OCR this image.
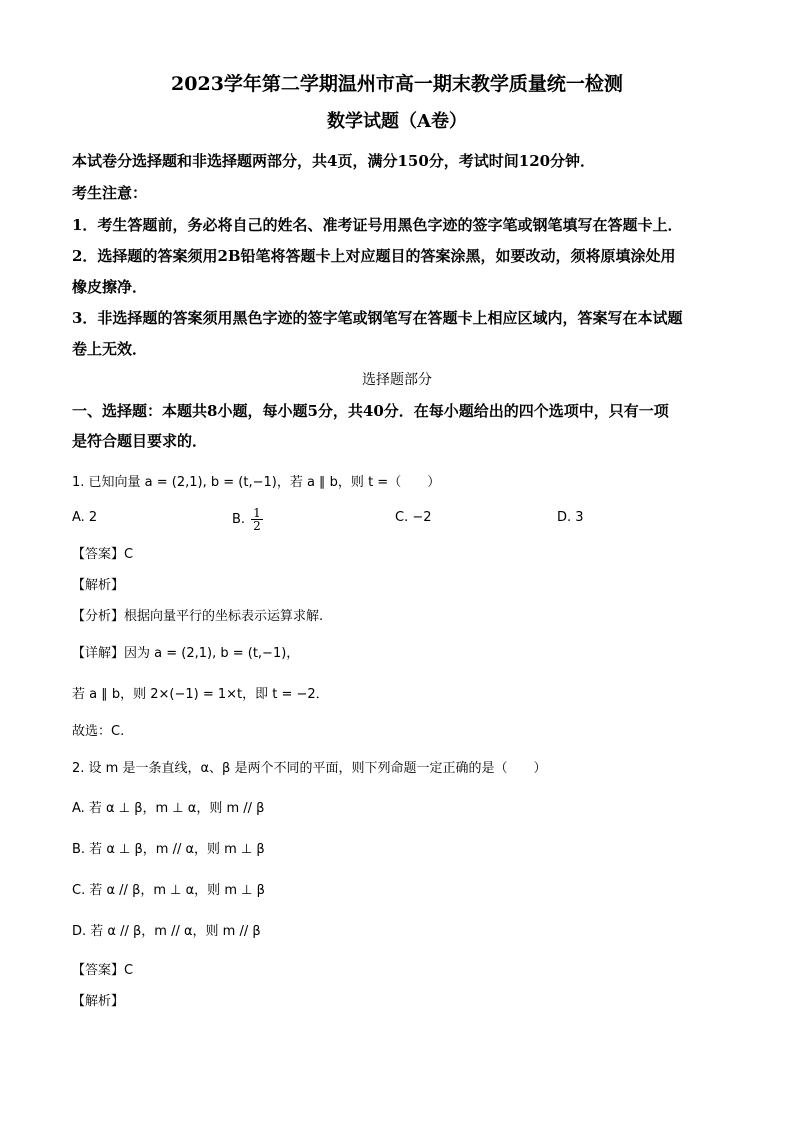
2023学年第二学期温州市高一期末教学质量统一检测
数学试题（A卷）
本试卷分选择题和非选择题两部分，共4页，满分150分，考试时间120分钟．
考生注意：
1．考生答题前，务必将自己的姓名、准考证号用黑色字迹的签字笔或钢笔填写在答题卡上．
2．选择题的答案须用2B铅笔将答题卡上对应题目的答案涂黑，如要改动，须将原填涂处用
橡皮擦净．
3．非选择题的答案须用黑色字迹的签字笔或钢笔写在答题卡上相应区域内，答案写在本试题
卷上无效．
选择题部分
一、选择题：本题共8小题，每小题5分，共40分．在每小题给出的四个选项中，只有一项
是符合题目要求的．
1. 已知向量 a = (2,1), b = (t,−1)，若 a ∥ b，则 t =（　　）
A. 2	B. $\frac{1}{2}$	C. −2	D. 3
【答案】C
【解析】
【分析】根据向量平行的坐标表示运算求解.
【详解】因为 a = (2,1), b = (t,−1)，
若 a ∥ b，则 2×(−1) = 1×t，即 t = −2．
故选：C.
2. 设 m 是一条直线，α、β 是两个不同的平面，则下列命题一定正确的是（　　）
A. 若 α ⊥ β，m ⊥ α，则 m // β
B. 若 α ⊥ β，m // α，则 m ⊥ β
C. 若 α // β，m ⊥ α，则 m ⊥ β
D. 若 α // β，m // α，则 m // β
【答案】C
【解析】
